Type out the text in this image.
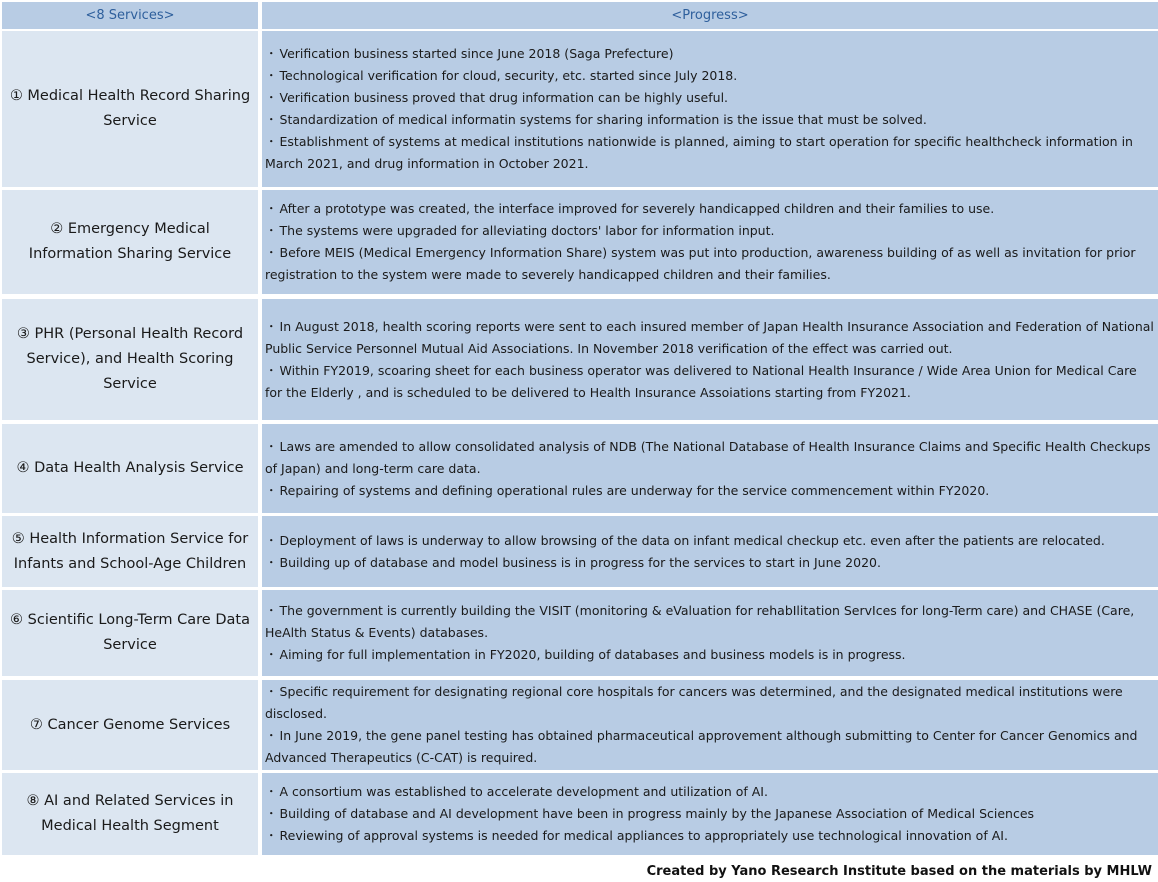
<8 Services>	<Progress>
① Medical Health Record Sharing Service

・ Verification business started since June 2018 (Saga Prefecture)

・ Technological verification for cloud, security, etc. started since July 2018.

・ Verification business proved that drug information can be highly useful.

・ Standardization of medical informatin systems for sharing information is the issue that must be solved.

・ Establishment of systems at medical institutions nationwide is planned, aiming to start operation for specific healthcheck information in March 2021, and drug information in October 2021.

② Emergency Medical Information Sharing Service

・ After a prototype was created, the interface improved for severely handicapped children and their families to use.

・ The systems were upgraded for alleviating doctors' labor for information input.

・ Before MEIS (Medical Emergency Information Share) system was put into production, awareness building of as well as invitation for prior registration to the system were made to severely handicapped children and their families.

③ PHR (Personal Health Record Service), and Health Scoring Service

・ In August 2018, health scoring reports were sent to each insured member of Japan Health Insurance Association and Federation of National Public Service Personnel Mutual Aid Associations. In November 2018 verification of the effect was carried out.

・ Within FY2019, scoaring sheet for each business operator was delivered to National Health Insurance / Wide Area Union for Medical Care for the Elderly , and is scheduled to be delivered to Health Insurance Assoiations starting from FY2021.

④ Data Health Analysis Service

・ Laws are amended to allow consolidated analysis of NDB (The National Database of Health Insurance Claims and Specific Health Checkups of Japan) and long-term care data.

・ Repairing of systems and defining operational rules are underway for the service commencement within FY2020.

⑤ Health Information Service for Infants and School-Age Children

・ Deployment of laws is underway to allow browsing of the data on infant medical checkup etc. even after the patients are relocated.

・ Building up of database and model business is in progress for the services to start in June 2020.

⑥ Scientific Long-Term Care Data Service

・ The government is currently building the VISIT (monitoring & eValuation for rehabIlitation ServIces for long-Term care) and CHASE (Care, HeAlth Status & Events) databases.

・ Aiming for full implementation in FY2020, building of databases and business models is in progress.

⑦ Cancer Genome Services

・ Specific requirement for designating regional core hospitals for cancers was determined, and the designated medical institutions were disclosed.

・ In June 2019, the gene panel testing has obtained pharmaceutical approvement although submitting to Center for Cancer Genomics and Advanced Therapeutics (C-CAT) is required.

⑧ AI and Related Services in Medical Health Segment

・ A consortium was established to accelerate development and utilization of AI.

・ Building of database and AI development have been in progress mainly by the Japanese Association of Medical Sciences

・ Reviewing of approval systems is needed for medical appliances to appropriately use technological innovation of AI.

Created by Yano Research Institute based on the materials by MHLW
